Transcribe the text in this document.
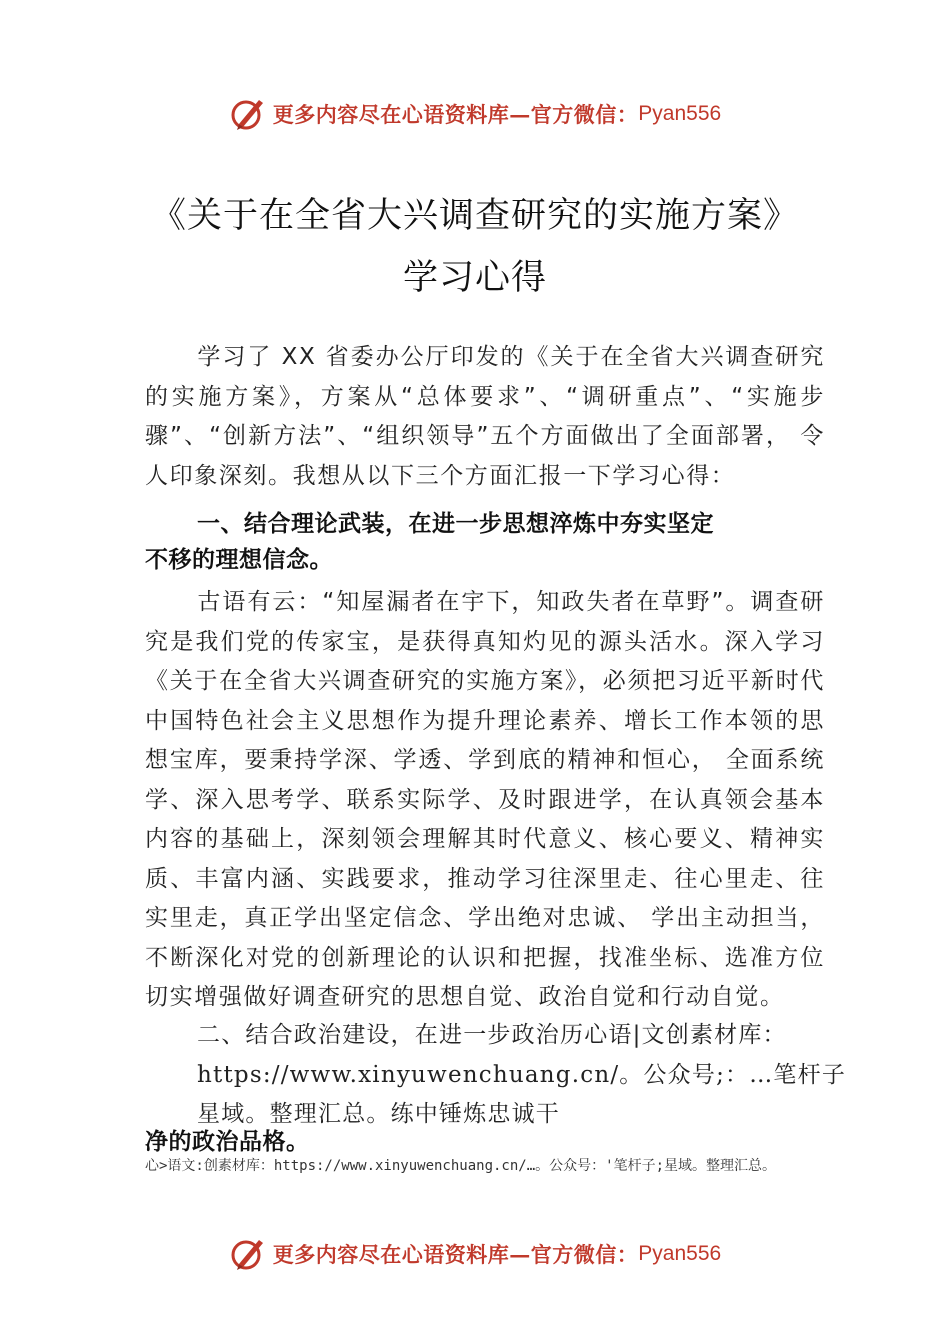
更多内容尽在心语资料库—官方微信： Pyan556
《关于在全省大兴调查研究的实施方案》
学习心得
学习了 XX 省委办公厅印发的《关于在全省大兴调查研究的实施方案》，方案从“总体要求”、“调研重点”、“实施步骤”、“创新方法”、“组织领导”五个方面做出了全面部署， 令人印象深刻。我想从以下三个方面汇报一下学习心得：
一、结合理论武装，在进一步思想淬炼中夯实坚定
不移的理想信念。
古语有云：“知屋漏者在宇下，知政失者在草野”。调查研究是我们党的传家宝，是获得真知灼见的源头活水。深入学习《关于在全省大兴调查研究的实施方案》，必须把习近平新时代中国特色社会主义思想作为提升理论素养、增长工作本领的思想宝库，要秉持学深、学透、学到底的精神和恒心， 全面系统学、深入思考学、联系实际学、及时跟进学，在认真领会基本内容的基础上，深刻领会理解其时代意义、核心要义、精神实质、丰富内涵、实践要求，推动学习往深里走、往心里走、往实里走，真正学出坚定信念、学出绝对忠诚、 学出主动担当，不断深化对党的创新理论的认识和把握，找准坐标、选准方位切实增强做好调查研究的思想自觉、政治自觉和行动自觉。
二、结合政治建设，在进一步政治历心语|文创素材库：
https://www.xinyuwenchuang.cn/。公众号;：…笔杆子
星域。整理汇总。练中锤炼忠诚干
净的政治品格。
心>语文:创素材库：https://www.xinyuwenchuang.cn/…。公众号：'笔杆子;星域。整理汇总。
更多内容尽在心语资料库—官方微信： Pyan556
